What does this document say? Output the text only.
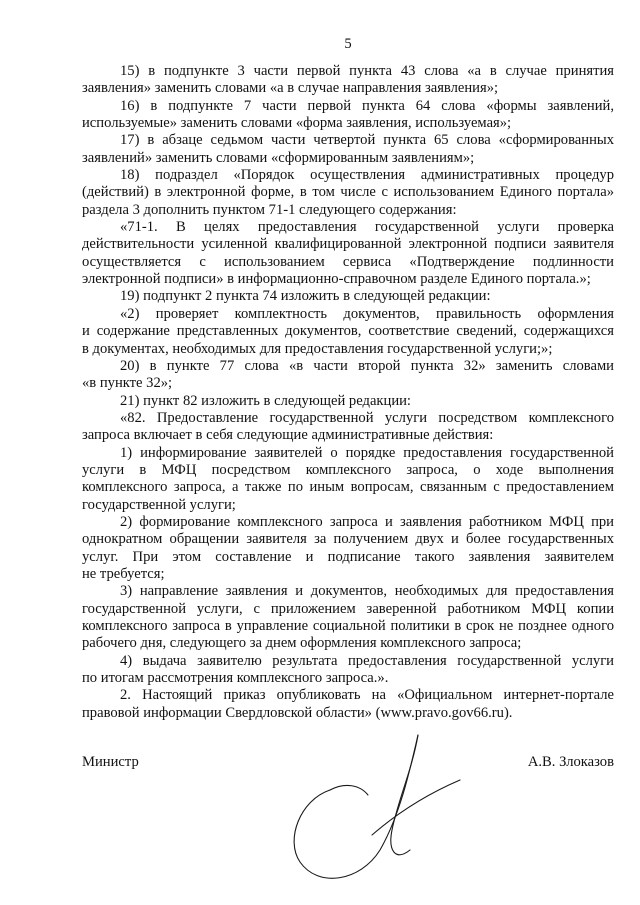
5
15) в подпункте 3 части первой пункта 43 слова «а в случае принятия
заявления» заменить словами «а в случае направления заявления»;
16) в подпункте 7 части первой пункта 64 слова «формы заявлений,
используемые» заменить словами «форма заявления, используемая»;
17) в абзаце седьмом части четвертой пункта 65 слова «сформированных
заявлений» заменить словами «сформированным заявлениям»;
18) подраздел «Порядок осуществления административных процедур
(действий) в электронной форме, в том числе с использованием Единого портала»
раздела 3 дополнить пунктом 71-1 следующего содержания:
«71-1. В целях предоставления государственной услуги проверка
действительности усиленной квалифицированной электронной подписи заявителя
осуществляется с использованием сервиса «Подтверждение подлинности
электронной подписи» в информационно-справочном разделе Единого портала.»;
19) подпункт 2 пункта 74 изложить в следующей редакции:
«2) проверяет комплектность документов, правильность оформления
и содержание представленных документов, соответствие сведений, содержащихся
в документах, необходимых для предоставления государственной услуги;»;
20) в пункте 77 слова «в части второй пункта 32» заменить словами
«в пункте 32»;
21) пункт 82 изложить в следующей редакции:
«82. Предоставление государственной услуги посредством комплексного
запроса включает в себя следующие административные действия:
1) информирование заявителей о порядке предоставления государственной
услуги в МФЦ посредством комплексного запроса, о ходе выполнения
комплексного запроса, а также по иным вопросам, связанным с предоставлением
государственной услуги;
2) формирование комплексного запроса и заявления работником МФЦ при
однократном обращении заявителя за получением двух и более государственных
услуг. При этом составление и подписание такого заявления заявителем
не требуется;
3) направление заявления и документов, необходимых для предоставления
государственной услуги, с приложением заверенной работником МФЦ копии
комплексного запроса в управление социальной политики в срок не позднее одного
рабочего дня, следующего за днем оформления комплексного запроса;
4) выдача заявителю результата предоставления государственной услуги
по итогам рассмотрения комплексного запроса.».
2. Настоящий приказ опубликовать на «Официальном интернет-портале
правовой информации Свердловской области» (www.pravo.gov66.ru).
Министр	А.В. Злоказов
